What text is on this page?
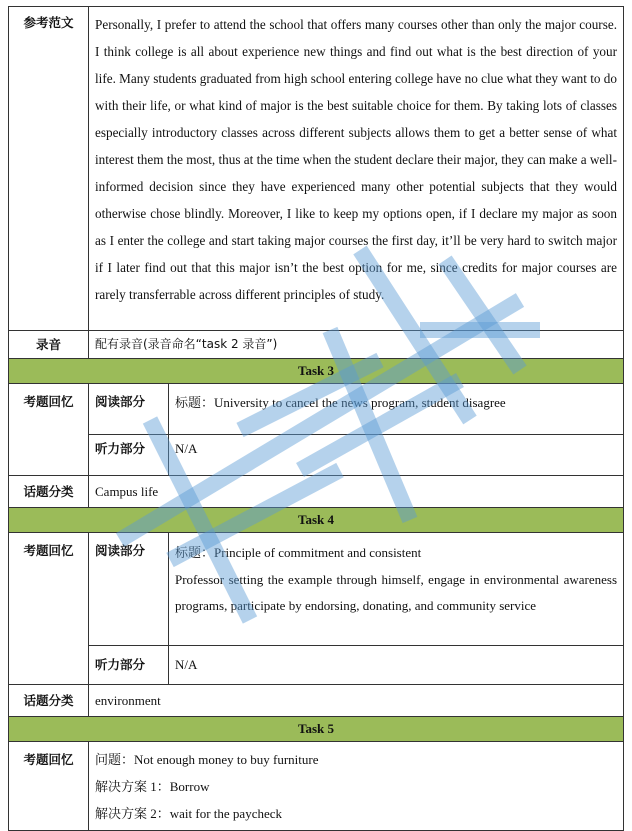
参考范文	Personally, I prefer to attend the school that offers many courses other than only the major course. I think college is all about experience new things and find out what is the best direction of your life. Many students graduated from high school entering college have no clue what they want to do with their life, or what kind of major is the best suitable choice for them. By taking lots of classes especially introductory classes across different subjects allows them to get a better sense of what interest them the most, thus at the time when the student declare their major, they can make a well-informed decision since they have experienced many other potential subjects that they would otherwise chose blindly. Moreover, I like to keep my options open, if I declare my major as soon as I enter the college and start taking major courses the first day, it’ll be very hard to switch major if I later find out that this major isn’t the best option for me, since credits for major courses are rarely transferrable across different principles of study.	
录音	配有录音(录音命名“task 2 录音”)	
Task 3		
考题回忆	阅读部分	标题：University to cancel the news program, student disagree
	听力部分	N/A
话题分类	Campus life	
Task 4		
考题回忆	阅读部分	标题：Principle of commitment and consistent
Professor setting the example through himself, engage in environmental awareness programs, participate by endorsing, donating, and community service

	听力部分	N/A
话题分类	environment	
Task 5		
考题回忆	问题：Not enough money to buy furniture
解决方案 1：Borrow
解决方案 2：wait for the paycheck	
